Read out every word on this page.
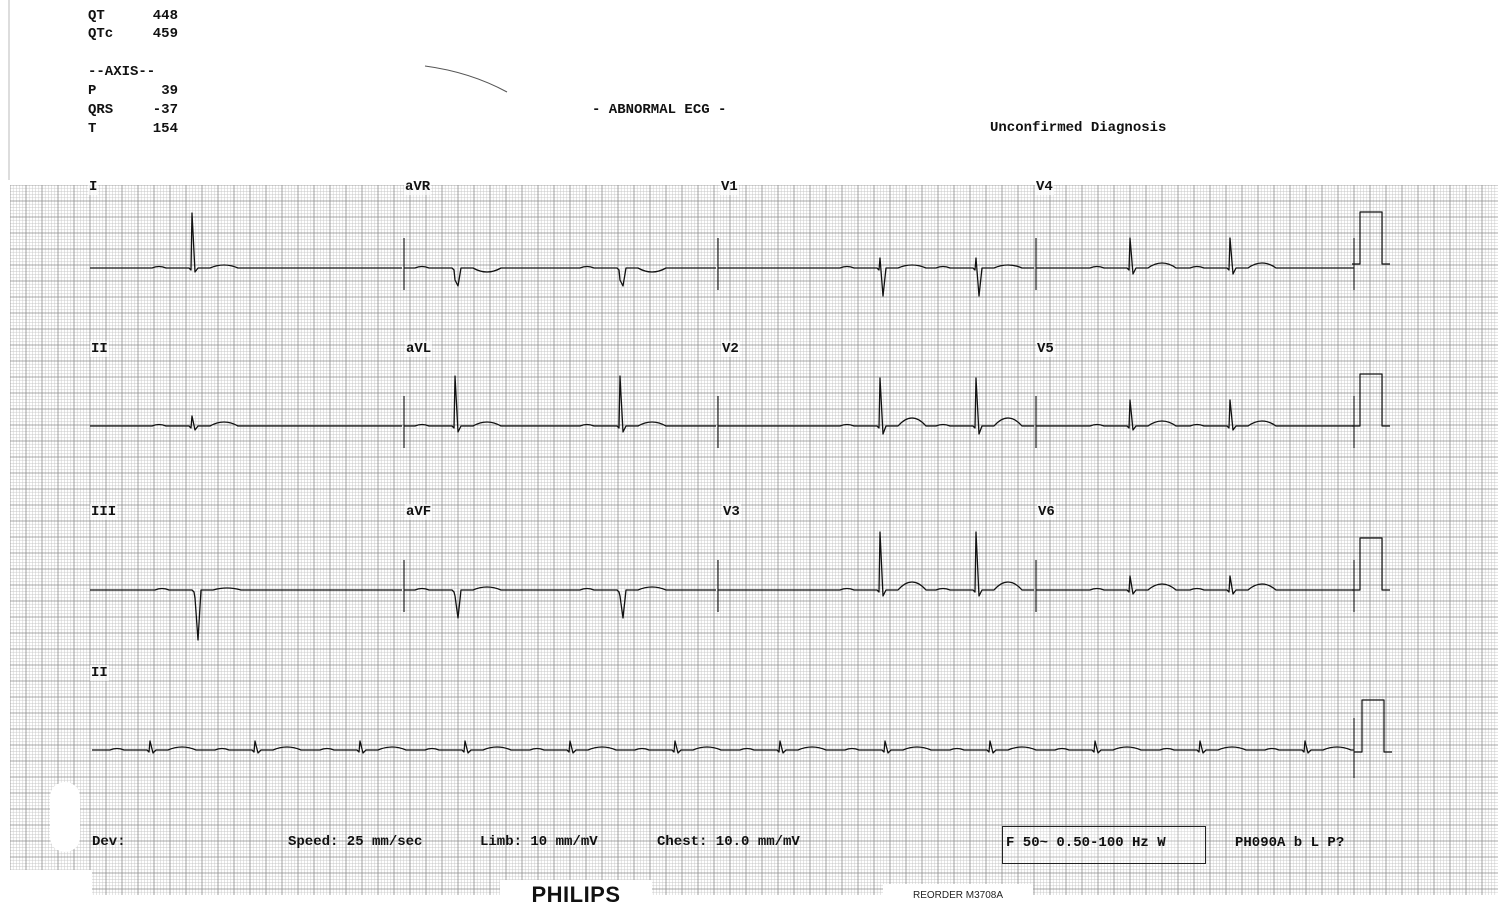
QT	448
QTc	459
--AXIS--
P	39
QRS	-37
T	154
- ABNORMAL ECG -
Unconfirmed Diagnosis
I	aVR	V1	V4
II	aVL	V2	V5
III	aVF	V3	V6
II
Dev:	Speed: 25 mm/sec	Limb: 10 mm/mV	Chest: 10.0 mm/mV	F 50~ 0.50-100 Hz W	PH090A b L P?
PHILIPS	REORDER M3708A
